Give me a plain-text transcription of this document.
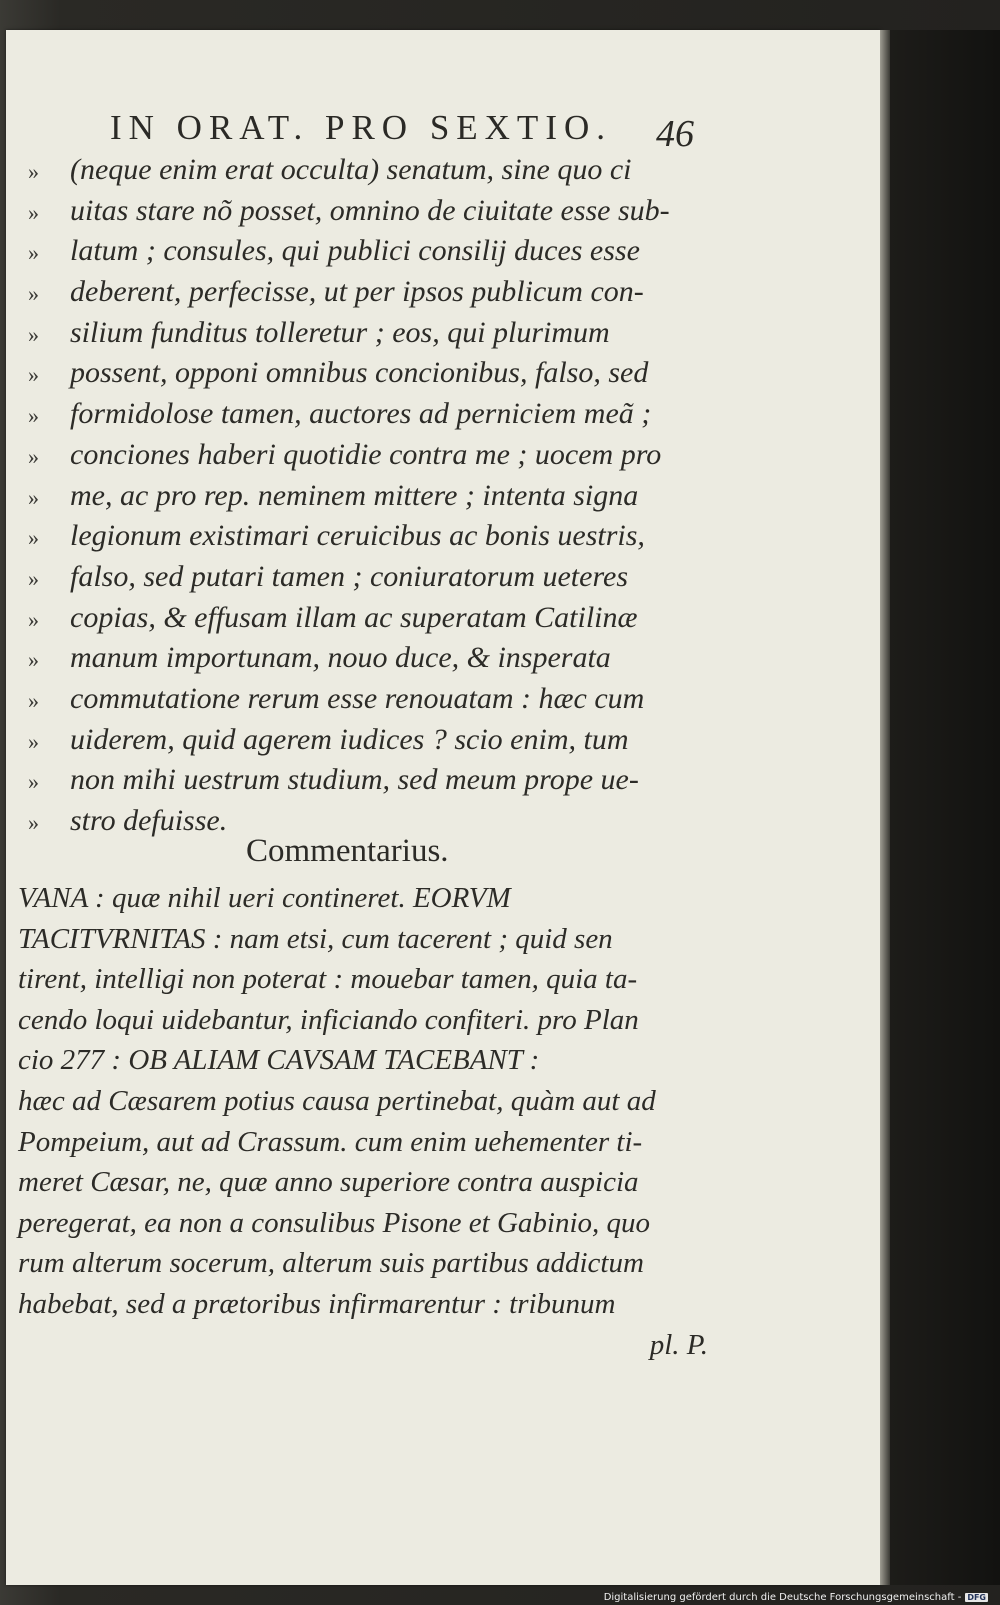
IN ORAT. PRO SEXTIO.	46
»	(neque enim erat occulta) senatum, sine quo ci
»	uitas stare nõ posset, omnino de ciuitate esse sub-
»	latum ; consules, qui publici consilij duces esse
»	deberent, perfecisse, ut per ipsos publicum con-
»	silium funditus tolleretur ; eos, qui plurimum
»	possent, opponi omnibus concionibus, falso, sed
»	formidolose tamen, auctores ad perniciem meã ;
»	conciones haberi quotidie contra me ; uocem pro
»	me, ac pro rep. neminem mittere ; intenta signa
»	legionum existimari ceruicibus ac bonis uestris,
»	falso, sed putari tamen ; coniuratorum ueteres
»	copias, & effusam illam ac superatam Catilinæ
»	manum importunam, nouo duce, & insperata
»	commutatione rerum esse renouatam : hæc cum
»	uiderem, quid agerem iudices ? scio enim, tum
»	non mihi uestrum studium, sed meum prope ue-
»	stro defuisse.
Commentarius.
VANA : quæ nihil ueri contineret. EORVM
TACITVRNITAS : nam etsi, cum tacerent ; quid sen
tirent, intelligi non poterat : mouebar tamen, quia ta-
cendo loqui uidebantur, inficiando confiteri. pro Plan
cio 277 : OB ALIAM CAVSAM TACEBANT :
hæc ad Cæsarem potius causa pertinebat, quàm aut ad
Pompeium, aut ad Crassum. cum enim uehementer ti-
meret Cæsar, ne, quæ anno superiore contra auspicia
peregerat, ea non a consulibus Pisone et Gabinio, quo
rum alterum socerum, alterum suis partibus addictum
habebat, sed a prætoribus infirmarentur : tribunum
pl. P.
Digitalisierung gefördert durch die Deutsche Forschungsgemeinschaft - DFG
